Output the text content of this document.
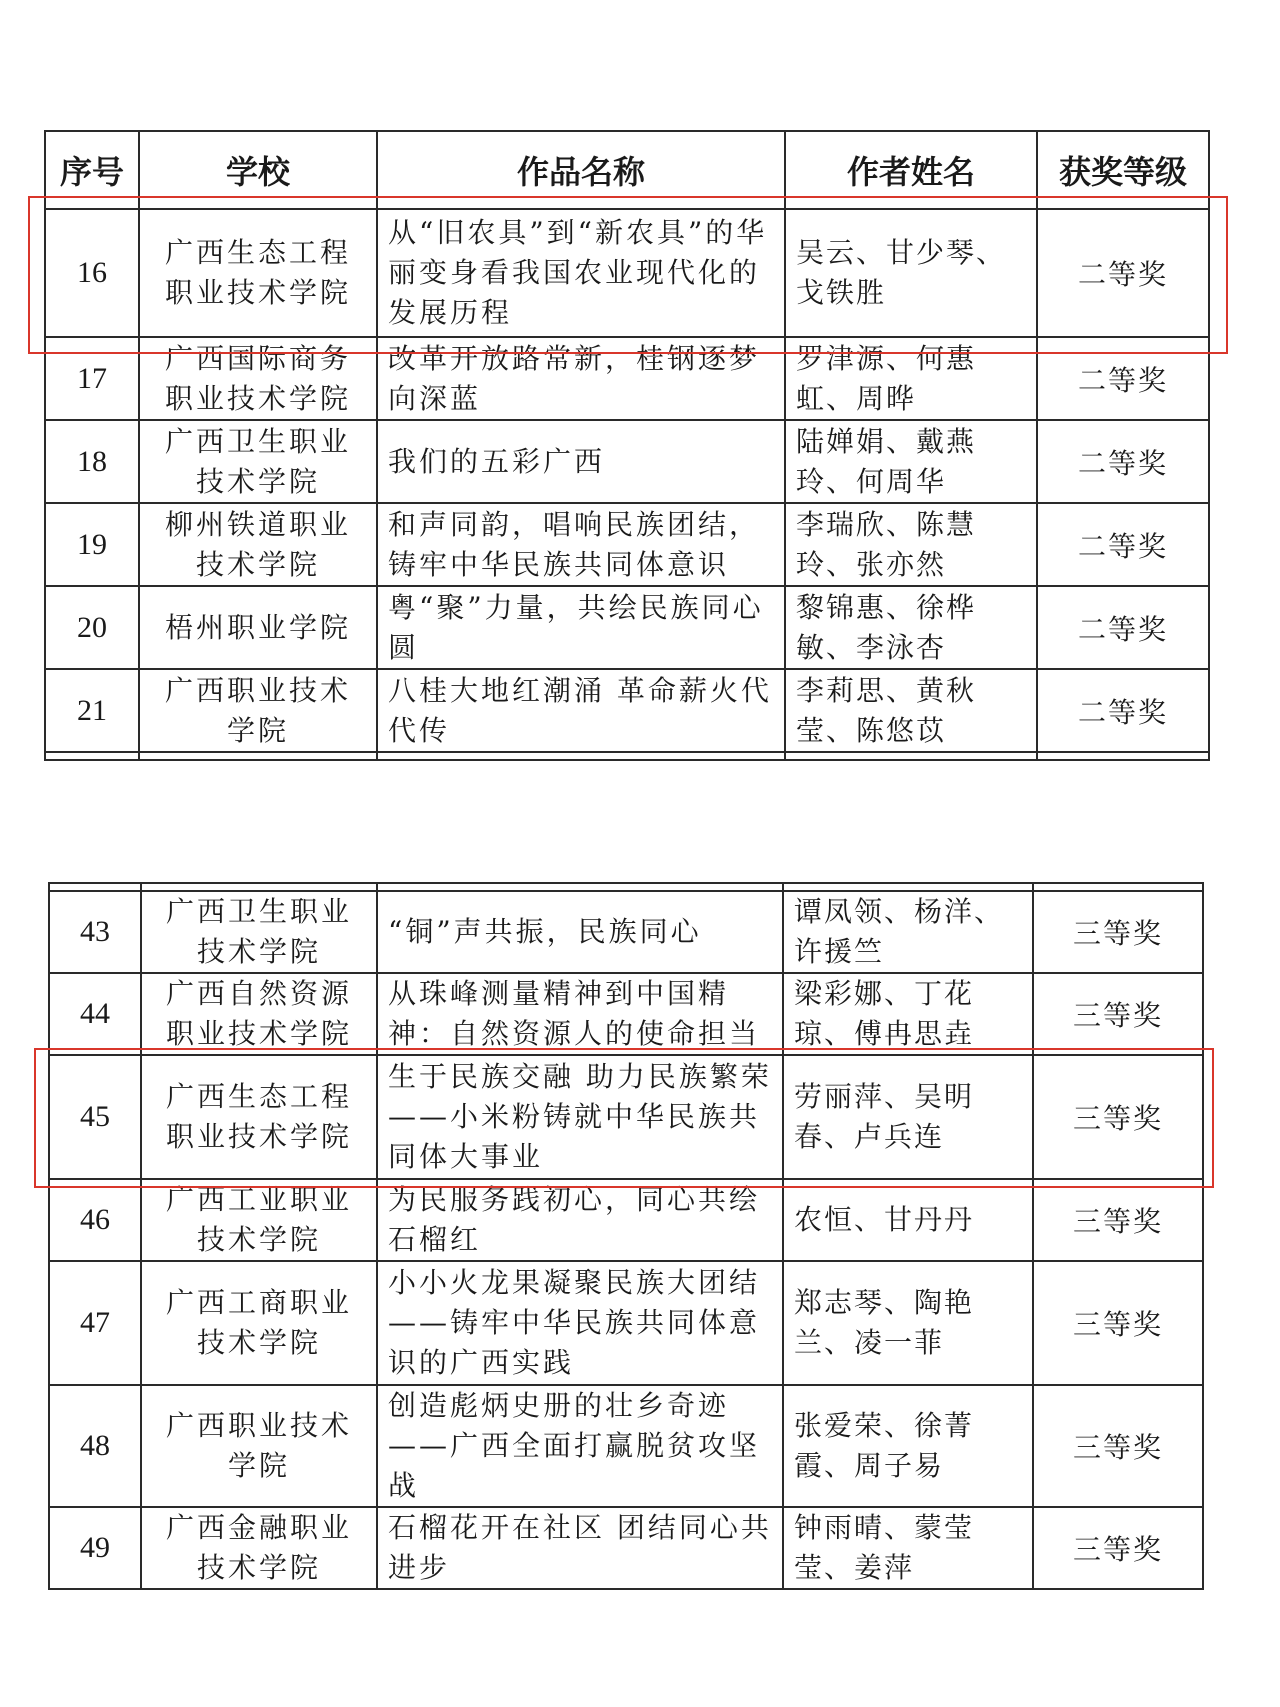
序号	学校	作品名称	作者姓名	获奖等级
16	广西生态工程职业技术学院	从“旧农具”到“新农具”的华丽变身看我国农业现代化的发展历程	吴云、甘少琴、戈铁胜	二等奖
17	广西国际商务职业技术学院	改革开放路常新，桂钢逐梦向深蓝	罗津源、何惠虹、周晔	二等奖
18	广西卫生职业技术学院	我们的五彩广西	陆婵娟、戴燕玲、何周华	二等奖
19	柳州铁道职业技术学院	和声同韵，唱响民族团结，铸牢中华民族共同体意识	李瑞欣、陈慧玲、张亦然	二等奖
20	梧州职业学院	粤“聚”力量，共绘民族同心圆	黎锦惠、徐桦敏、李泳杏	二等奖
21	广西职业技术学院	八桂大地红潮涌 革命薪火代代传	李莉思、黄秋莹、陈悠苡	二等奖

43	广西卫生职业技术学院	“铜”声共振，民族同心	谭凤领、杨洋、许援竺	三等奖
44	广西自然资源职业技术学院	从珠峰测量精神到中国精神：自然资源人的使命担当	梁彩娜、丁花琼、傅冉思垚	三等奖
45	广西生态工程职业技术学院	生于民族交融 助力民族繁荣——小米粉铸就中华民族共同体大事业	劳丽萍、吴明春、卢兵连	三等奖
46	广西工业职业技术学院	为民服务践初心，同心共绘石榴红	农恒、甘丹丹	三等奖
47	广西工商职业技术学院	小小火龙果凝聚民族大团结——铸牢中华民族共同体意识的广西实践	郑志琴、陶艳兰、凌一菲	三等奖
48	广西职业技术学院	创造彪炳史册的壮乡奇迹——广西全面打赢脱贫攻坚战	张爱荣、徐菁霞、周子易	三等奖
49	广西金融职业技术学院	石榴花开在社区 团结同心共进步	钟雨晴、蒙莹莹、姜萍	三等奖
